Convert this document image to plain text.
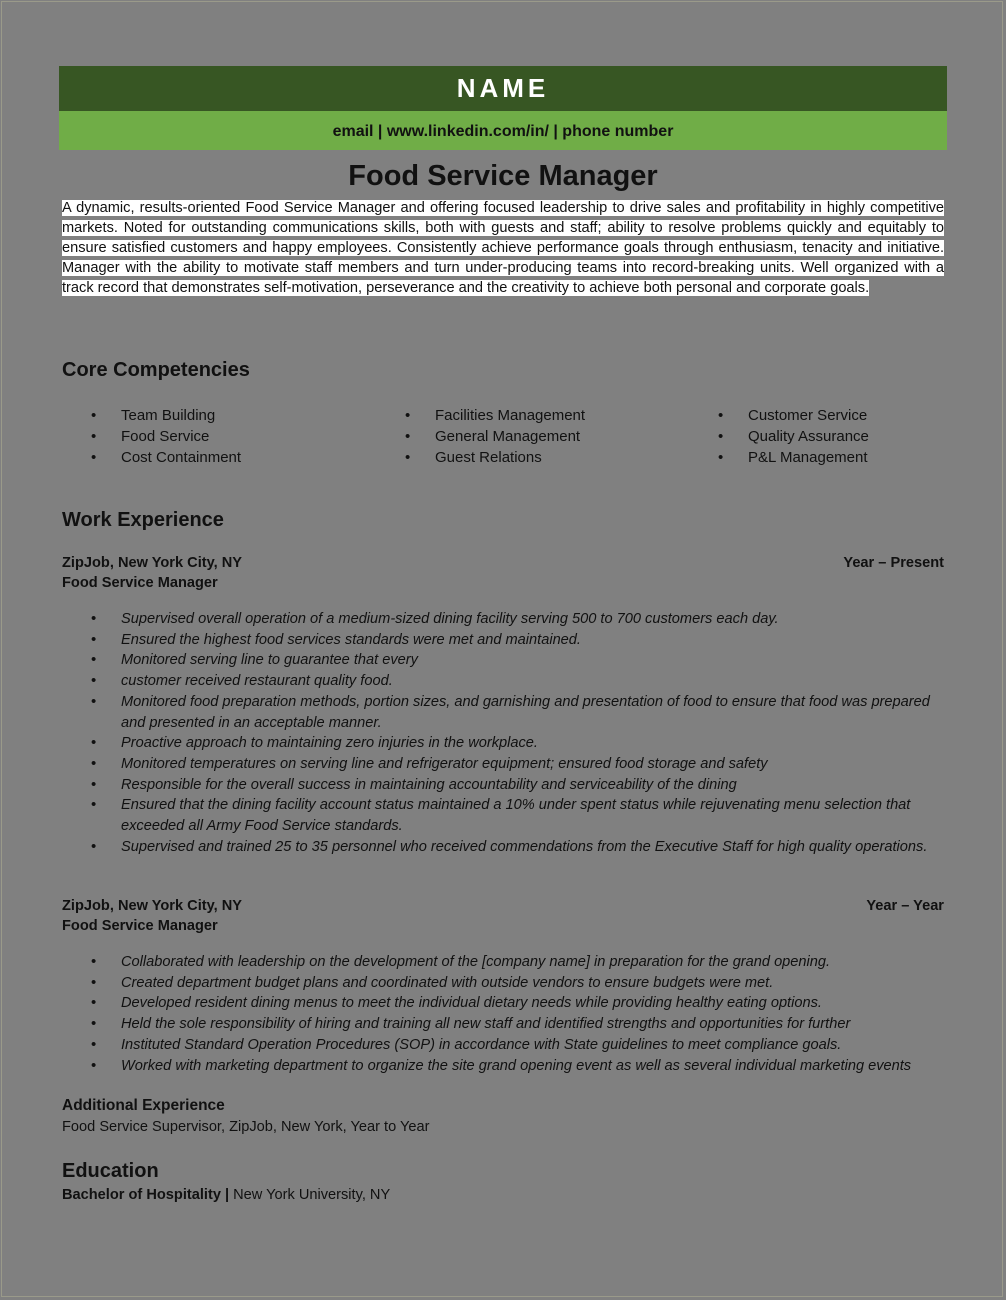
NAME
email | www.linkedin.com/in/ | phone number
Food Service Manager
A dynamic, results-oriented Food Service Manager and offering focused leadership to drive sales and profitability in highly competitive markets. Noted for outstanding communications skills, both with guests and staff; ability to resolve problems quickly and equitably to ensure satisfied customers and happy employees. Consistently achieve performance goals through enthusiasm, tenacity and initiative. Manager with the ability to motivate staff members and turn under-producing teams into record-breaking units. Well organized with a track record that demonstrates self-motivation, perseverance and the creativity to achieve both personal and corporate goals.
Core Competencies
• Team Building
• Food Service
• Cost Containment
• Facilities Management
• General Management
• Guest Relations
• Customer Service
• Quality Assurance
• P&L Management
Work Experience
ZipJob, New York City, NY	Year – Present
Food Service Manager
• Supervised overall operation of a medium-sized dining facility serving 500 to 700 customers each day.
• Ensured the highest food services standards were met and maintained.
• Monitored serving line to guarantee that every
• customer received restaurant quality food.
• Monitored food preparation methods, portion sizes, and garnishing and presentation of food to ensure that food was prepared and presented in an acceptable manner.
• Proactive approach to maintaining zero injuries in the workplace.
• Monitored temperatures on serving line and refrigerator equipment; ensured food storage and safety
• Responsible for the overall success in maintaining accountability and serviceability of the dining
• Ensured that the dining facility account status maintained a 10% under spent status while rejuvenating menu selection that exceeded all Army Food Service standards.
• Supervised and trained 25 to 35 personnel who received commendations from the Executive Staff for high quality operations.
ZipJob, New York City, NY	Year – Year
Food Service Manager
• Collaborated with leadership on the development of the [company name] in preparation for the grand opening.
• Created department budget plans and coordinated with outside vendors to ensure budgets were met.
• Developed resident dining menus to meet the individual dietary needs while providing healthy eating options.
• Held the sole responsibility of hiring and training all new staff and identified strengths and opportunities for further
• Instituted Standard Operation Procedures (SOP) in accordance with State guidelines to meet compliance goals.
• Worked with marketing department to organize the site grand opening event as well as several individual marketing events
Additional Experience
Food Service Supervisor, ZipJob, New York, Year to Year
Education
Bachelor of Hospitality | New York University, NY
